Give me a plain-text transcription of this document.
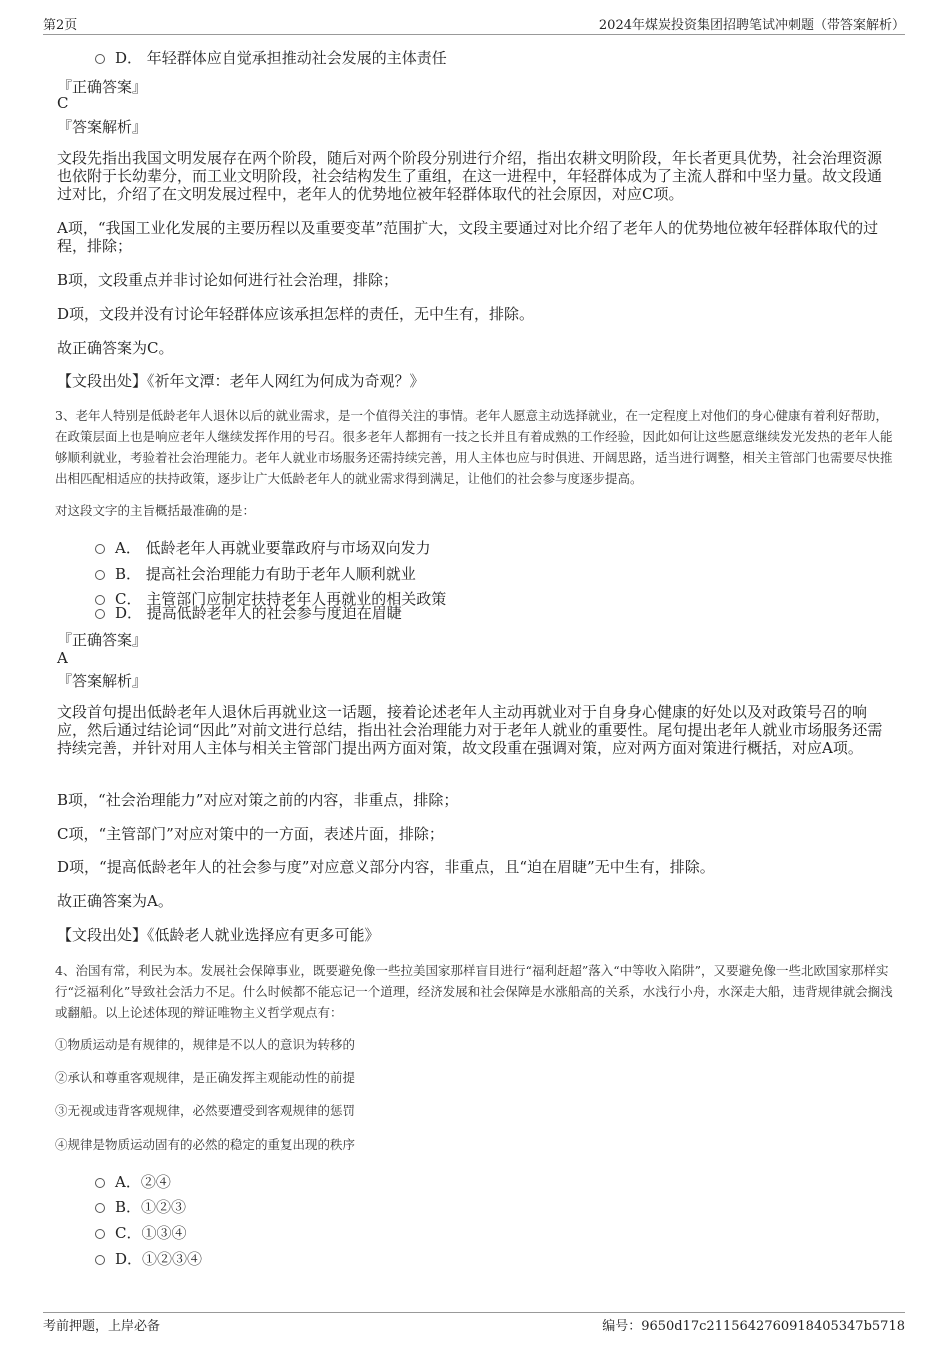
第2页	2024年煤炭投资集团招聘笔试冲刺题（带答案解析）
D． 年轻群体应自觉承担推动社会发展的主体责任
『正确答案』
C
『答案解析』
文段先指出我国文明发展存在两个阶段，随后对两个阶段分别进行介绍，指出农耕文明阶段，年长者更具优势，社会治理资源也依附于长幼辈分，而工业文明阶段，社会结构发生了重组，在这一进程中，年轻群体成为了主流人群和中坚力量。故文段通过对比，介绍了在文明发展过程中，老年人的优势地位被年轻群体取代的社会原因，对应C项。
A项，“我国工业化发展的主要历程以及重要变革”范围扩大，文段主要通过对比介绍了老年人的优势地位被年轻群体取代的过程，排除；
B项，文段重点并非讨论如何进行社会治理，排除；
D项，文段并没有讨论年轻群体应该承担怎样的责任，无中生有，排除。
故正确答案为C。
【文段出处】《祈年文潭：老年人网红为何成为奇观？》
3、老年人特别是低龄老年人退休以后的就业需求，是一个值得关注的事情。老年人愿意主动选择就业，在一定程度上对他们的身心健康有着利好帮助，在政策层面上也是响应老年人继续发挥作用的号召。很多老年人都拥有一技之长并且有着成熟的工作经验，因此如何让这些愿意继续发光发热的老年人能够顺利就业，考验着社会治理能力。老年人就业市场服务还需持续完善，用人主体也应与时俱进、开阔思路，适当进行调整，相关主管部门也需要尽快推出相匹配相适应的扶持政策，逐步让广大低龄老年人的就业需求得到满足，让他们的社会参与度逐步提高。
对这段文字的主旨概括最准确的是：
A． 低龄老年人再就业要靠政府与市场双向发力
B． 提高社会治理能力有助于老年人顺利就业
C． 主管部门应制定扶持老年人再就业的相关政策
D． 提高低龄老年人的社会参与度迫在眉睫
『正确答案』
A
『答案解析』
文段首句提出低龄老年人退休后再就业这一话题，接着论述老年人主动再就业对于自身身心健康的好处以及对政策号召的响应，然后通过结论词“因此”对前文进行总结，指出社会治理能力对于老年人就业的重要性。尾句提出老年人就业市场服务还需持续完善，并针对用人主体与相关主管部门提出两方面对策，故文段重在强调对策，应对两方面对策进行概括，对应A项。
B项，“社会治理能力”对应对策之前的内容，非重点，排除；
C项，“主管部门”对应对策中的一方面，表述片面，排除；
D项，“提高低龄老年人的社会参与度”对应意义部分内容，非重点，且“迫在眉睫”无中生有，排除。
故正确答案为A。
【文段出处】《低龄老人就业选择应有更多可能》
4、治国有常，利民为本。发展社会保障事业，既要避免像一些拉美国家那样盲目进行“福利赶超”落入“中等收入陷阱”，又要避免像一些北欧国家那样实行“泛福利化”导致社会活力不足。什么时候都不能忘记一个道理，经济发展和社会保障是水涨船高的关系，水浅行小舟，水深走大船，违背规律就会搁浅或翻船。以上论述体现的辩证唯物主义哲学观点有：
①物质运动是有规律的，规律是不以人的意识为转移的
②承认和尊重客观规律，是正确发挥主观能动性的前提
③无视或违背客观规律，必然要遭受到客观规律的惩罚
④规律是物质运动固有的必然的稳定的重复出现的秩序
A．②④
B．①②③
C．①③④
D．①②③④
考前押题，上岸必备	编号：9650d17c2115642760918405347b5718
